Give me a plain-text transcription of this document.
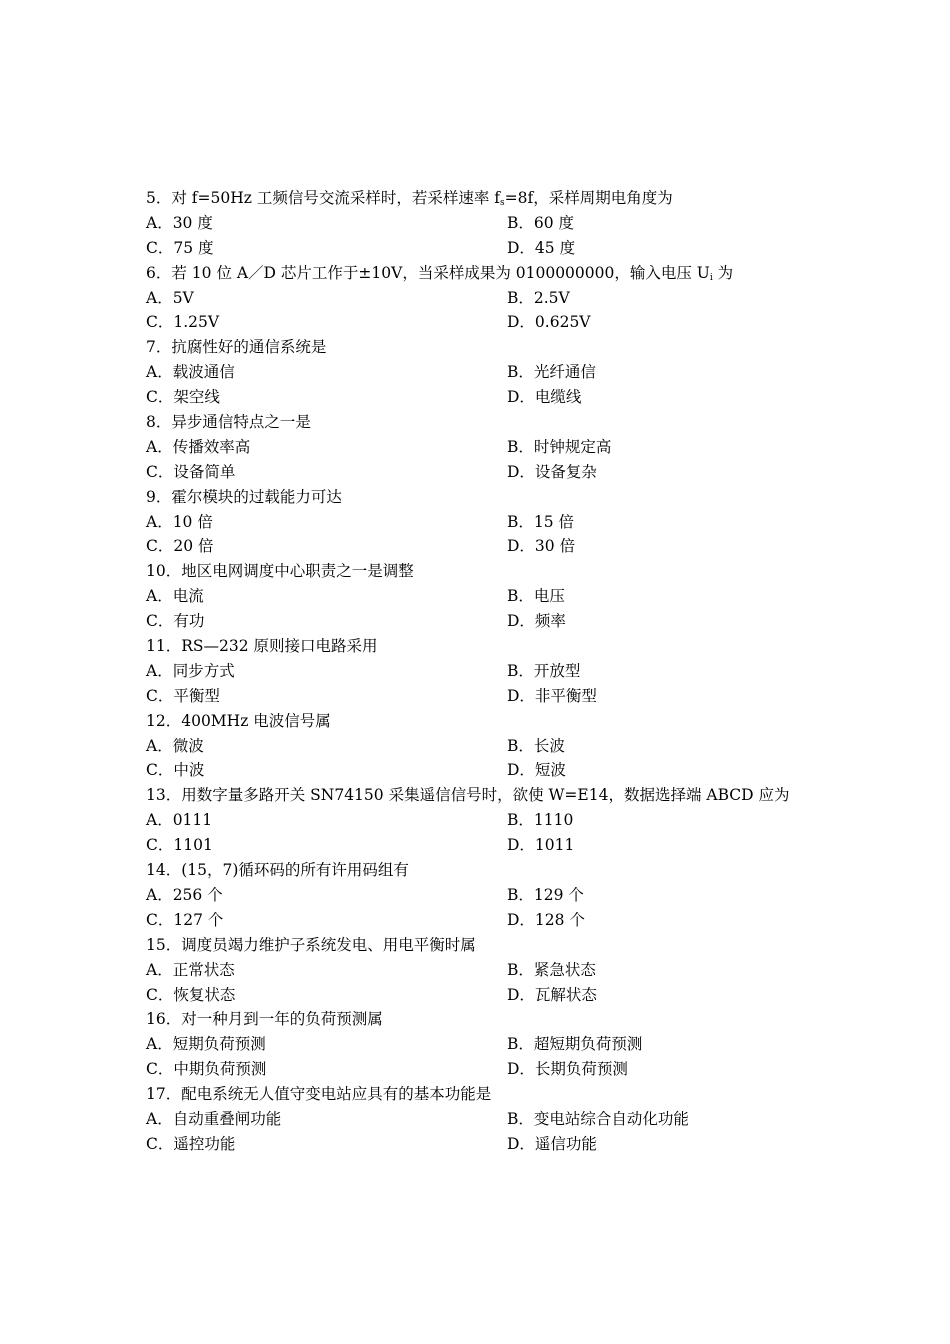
5．对 f=50Hz 工频信号交流采样时，若采样速率 $f_s=8f$，采样周期电角度为
A．30 度	B．60 度
C．75 度	D．45 度
6．若 10 位 A／D 芯片工作于±10V，当采样成果为 0100000000，输入电压 $U_i$ 为
A．5V	B．2.5V
C．1.25V	D．0.625V
7．抗腐性好的通信系统是
A．载波通信	B．光纤通信
C．架空线	D．电缆线
8．异步通信特点之一是
A．传播效率高	B．时钟规定高
C．设备简单	D．设备复杂
9．霍尔模块的过载能力可达
A．10 倍	B．15 倍
C．20 倍	D．30 倍
10．地区电网调度中心职责之一是调整
A．电流	B．电压
C．有功	D．频率
11．RS—232 原则接口电路采用
A．同步方式	B．开放型
C．平衡型	D．非平衡型
12．400MHz 电波信号属
A．微波	B．长波
C．中波	D．短波
13．用数字量多路开关 SN74150 采集遥信信号时，欲使 W=E14，数据选择端 ABCD 应为
A．0111	B．1110
C．1101	D．1011
14．(15，7)循环码的所有许用码组有
A．256 个	B．129 个
C．127 个	D．128 个
15．调度员竭力维护子系统发电、用电平衡时属
A．正常状态	B．紧急状态
C．恢复状态	D．瓦解状态
16．对一种月到一年的负荷预测属
A．短期负荷预测	B．超短期负荷预测
C．中期负荷预测	D．长期负荷预测
17．配电系统无人值守变电站应具有的基本功能是
A．自动重叠闸功能	B．变电站综合自动化功能
C．遥控功能	D．遥信功能
